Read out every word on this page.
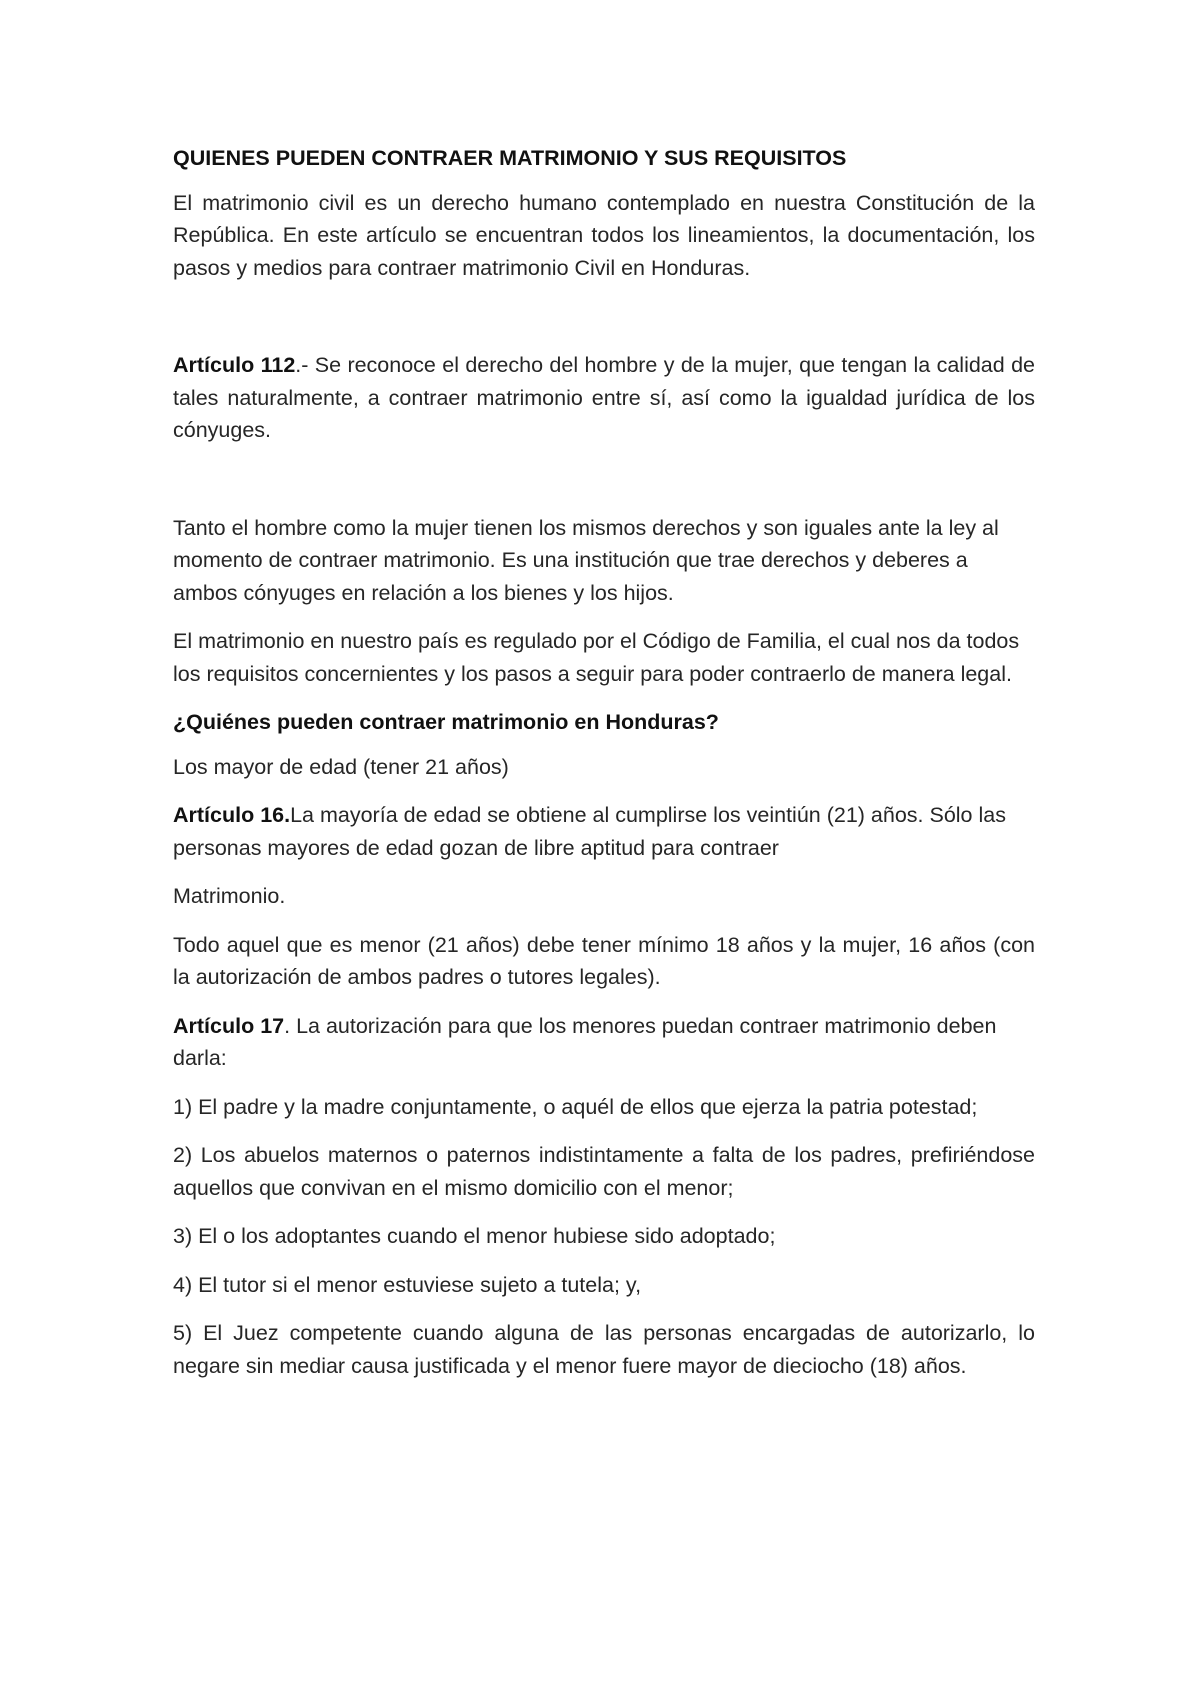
QUIENES PUEDEN CONTRAER MATRIMONIO Y SUS REQUISITOS

El matrimonio civil es un derecho humano contemplado en nuestra Constitución de la República. En este artículo se encuentran todos los lineamientos, la documentación, los pasos y medios para contraer matrimonio Civil en Honduras.

Artículo 112.- Se reconoce el derecho del hombre y de la mujer, que tengan la calidad de tales naturalmente, a contraer matrimonio entre sí, así como la igualdad jurídica de los cónyuges.

Tanto el hombre como la mujer tienen los mismos derechos y son iguales ante la ley al momento de contraer matrimonio. Es una institución que trae derechos y deberes a ambos cónyuges en relación a los bienes y los hijos.

El matrimonio en nuestro país es regulado por el Código de Familia, el cual nos da todos los requisitos concernientes y los pasos a seguir para poder contraerlo de manera legal.

¿Quiénes pueden contraer matrimonio en Honduras?

Los mayor de edad (tener 21 años)

Artículo 16.La mayoría de edad se obtiene al cumplirse los veintiún (21) años. Sólo las personas mayores de edad gozan de libre aptitud para contraer

Matrimonio.

Todo aquel que es menor (21 años) debe tener mínimo 18 años y la mujer, 16 años (con la autorización de ambos padres o tutores legales).

Artículo 17. La autorización para que los menores puedan contraer matrimonio deben darla:

1) El padre y la madre conjuntamente, o aquél de ellos que ejerza la patria potestad;

2) Los abuelos maternos o paternos indistintamente a falta de los padres, prefiriéndose aquellos que convivan en el mismo domicilio con el menor;

3) El o los adoptantes cuando el menor hubiese sido adoptado;

4) El tutor si el menor estuviese sujeto a tutela; y,

5) El Juez competente cuando alguna de las personas encargadas de autorizarlo, lo negare sin mediar causa justificada y el menor fuere mayor de dieciocho (18) años.
